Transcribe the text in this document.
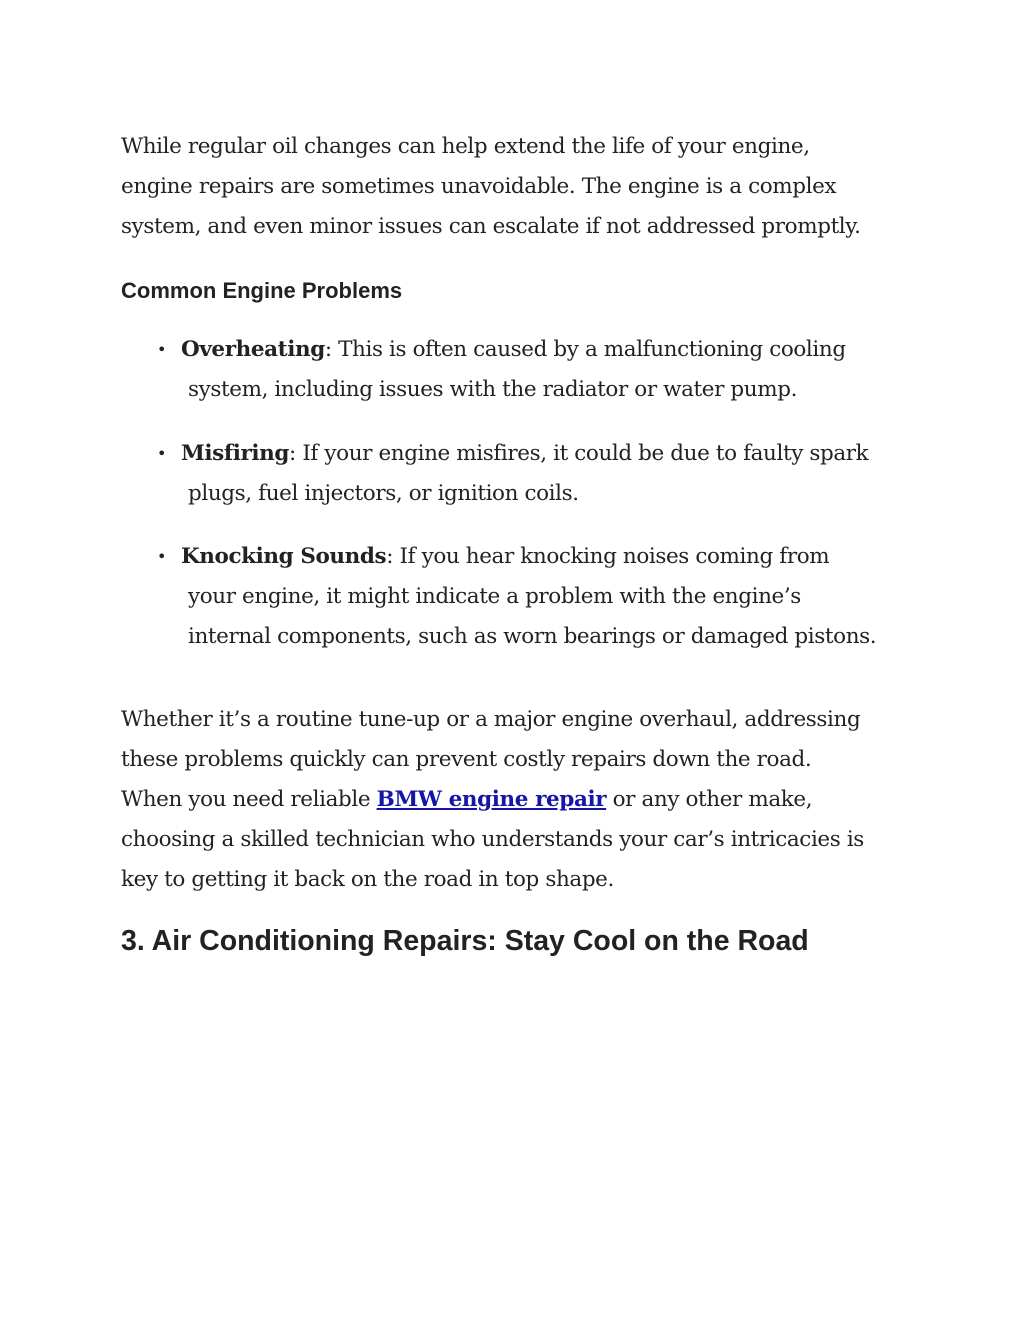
While regular oil changes can help extend the life of your engine,
engine repairs are sometimes unavoidable. The engine is a complex
system, and even minor issues can escalate if not addressed promptly.
Common Engine Problems
• Overheating: This is often caused by a malfunctioning cooling
system, including issues with the radiator or water pump.
• Misfiring: If your engine misfires, it could be due to faulty spark
plugs, fuel injectors, or ignition coils.
• Knocking Sounds: If you hear knocking noises coming from
your engine, it might indicate a problem with the engine’s
internal components, such as worn bearings or damaged pistons.
Whether it’s a routine tune-up or a major engine overhaul, addressing
these problems quickly can prevent costly repairs down the road.
When you need reliable BMW engine repair or any other make,
choosing a skilled technician who understands your car’s intricacies is
key to getting it back on the road in top shape.
3. Air Conditioning Repairs: Stay Cool on the Road
